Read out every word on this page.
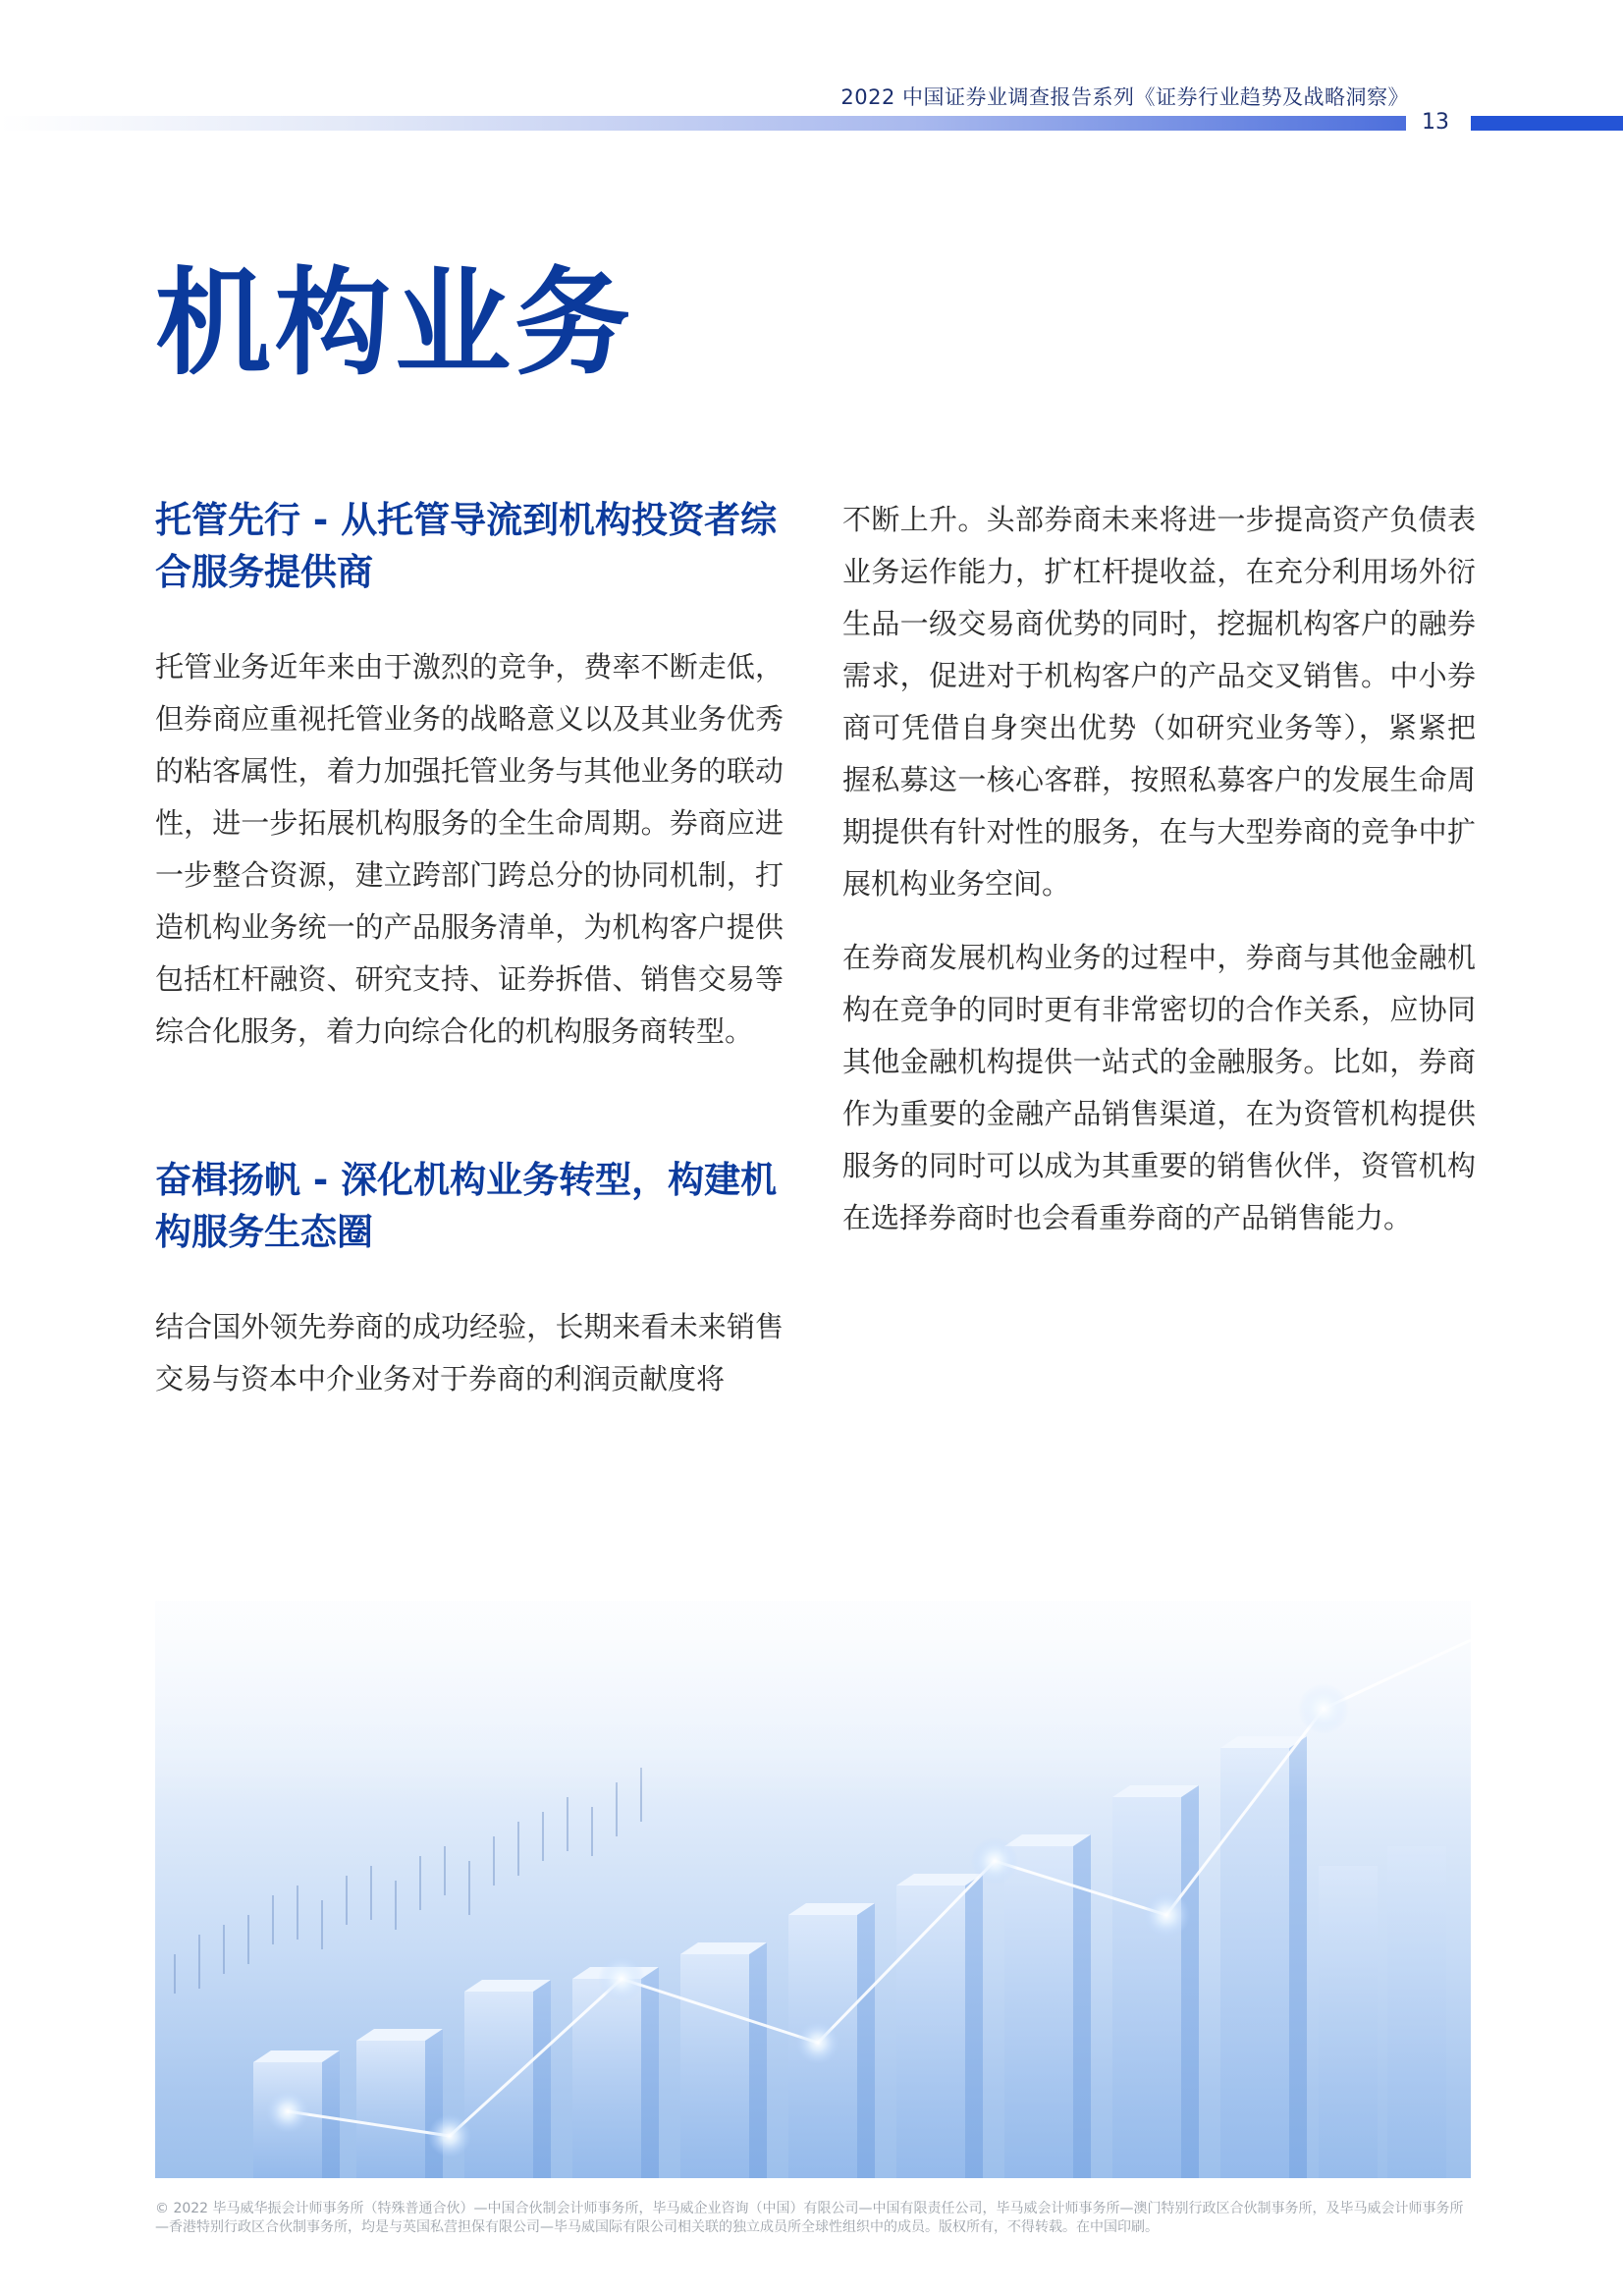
2022 中国证券业调查报告系列《证券行业趋势及战略洞察》
13
机构业务
托管先行 - 从托管导流到机构投资者综合服务提供商

托管业务近年来由于激烈的竞争，费率不断走低，但券商应重视托管业务的战略意义以及其业务优秀的粘客属性，着力加强托管业务与其他业务的联动性，进一步拓展机构服务的全生命周期。券商应进一步整合资源，建立跨部门跨总分的协同机制，打造机构业务统一的产品服务清单，为机构客户提供包括杠杆融资、研究支持、证券拆借、销售交易等综合化服务，着力向综合化的机构服务商转型。

奋楫扬帆 - 深化机构业务转型，构建机构服务生态圈

结合国外领先券商的成功经验，长期来看未来销售交易与资本中介业务对于券商的利润贡献度将

不断上升。头部券商未来将进一步提高资产负债表业务运作能力，扩杠杆提收益，在充分利用场外衍生品一级交易商优势的同时，挖掘机构客户的融券需求，促进对于机构客户的产品交叉销售。中小券商可凭借自身突出优势（如研究业务等），紧紧把握私募这一核心客群，按照私募客户的发展生命周期提供有针对性的服务，在与大型券商的竞争中扩展机构业务空间。

在券商发展机构业务的过程中，券商与其他金融机构在竞争的同时更有非常密切的合作关系，应协同其他金融机构提供一站式的金融服务。比如，券商作为重要的金融产品销售渠道，在为资管机构提供服务的同时可以成为其重要的销售伙伴，资管机构在选择券商时也会看重券商的产品销售能力。

© 2022 毕马威华振会计师事务所（特殊普通合伙）—中国合伙制会计师事务所，毕马威企业咨询（中国）有限公司—中国有限责任公司，毕马威会计师事务所—澳门特别行政区合伙制事务所，及毕马威会计师事务所—香港特别行政区合伙制事务所，均是与英国私营担保有限公司—毕马威国际有限公司相关联的独立成员所全球性组织中的成员。版权所有，不得转载。在中国印刷。
